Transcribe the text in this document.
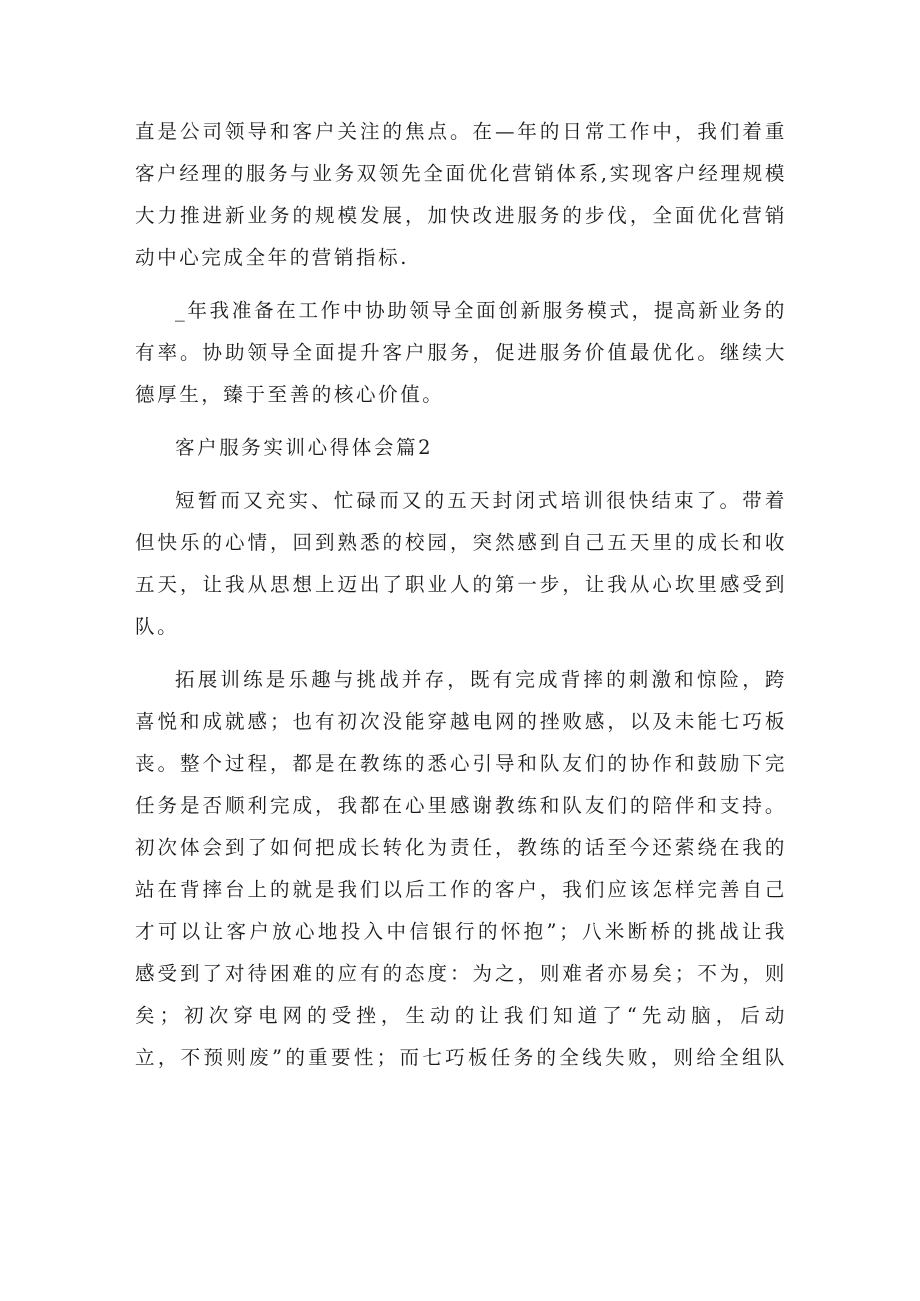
直是公司领导和客户关注的焦点。在—年的日常工作中，我们着重
客户经理的服务与业务双领先全面优化营销体系,实现客户经理规模
大力推进新业务的规模发展，加快改进服务的步伐，全面优化营销
动中心完成全年的营销指标.
_年我准备在工作中协助领导全面创新服务模式，提高新业务的
有率。协助领导全面提升客户服务，促进服务价值最优化。继续大
德厚生，臻于至善的核心价值。
客户服务实训心得体会篇2
短暂而又充实、忙碌而又的五天封闭式培训很快结束了。带着
但快乐的心情，回到熟悉的校园，突然感到自己五天里的成长和收
五天，让我从思想上迈出了职业人的第一步，让我从心坎里感受到
队。
拓展训练是乐趣与挑战并存，既有完成背摔的刺激和惊险，跨
喜悦和成就感；也有初次没能穿越电网的挫败感，以及未能七巧板
丧。整个过程，都是在教练的悉心引导和队友们的协作和鼓励下完
任务是否顺利完成，我都在心里感谢教练和队友们的陪伴和支持。
初次体会到了如何把成长转化为责任，教练的话至今还萦绕在我的
站在背摔台上的就是我们以后工作的客户，我们应该怎样完善自己
才可以让客户放心地投入中信银行的怀抱”；八米断桥的挑战让我
感受到了对待困难的应有的态度：为之，则难者亦易矣；不为，则
矣；初次穿电网的受挫，生动的让我们知道了“先动脑，后动
立，不预则废”的重要性；而七巧板任务的全线失败，则给全组队
